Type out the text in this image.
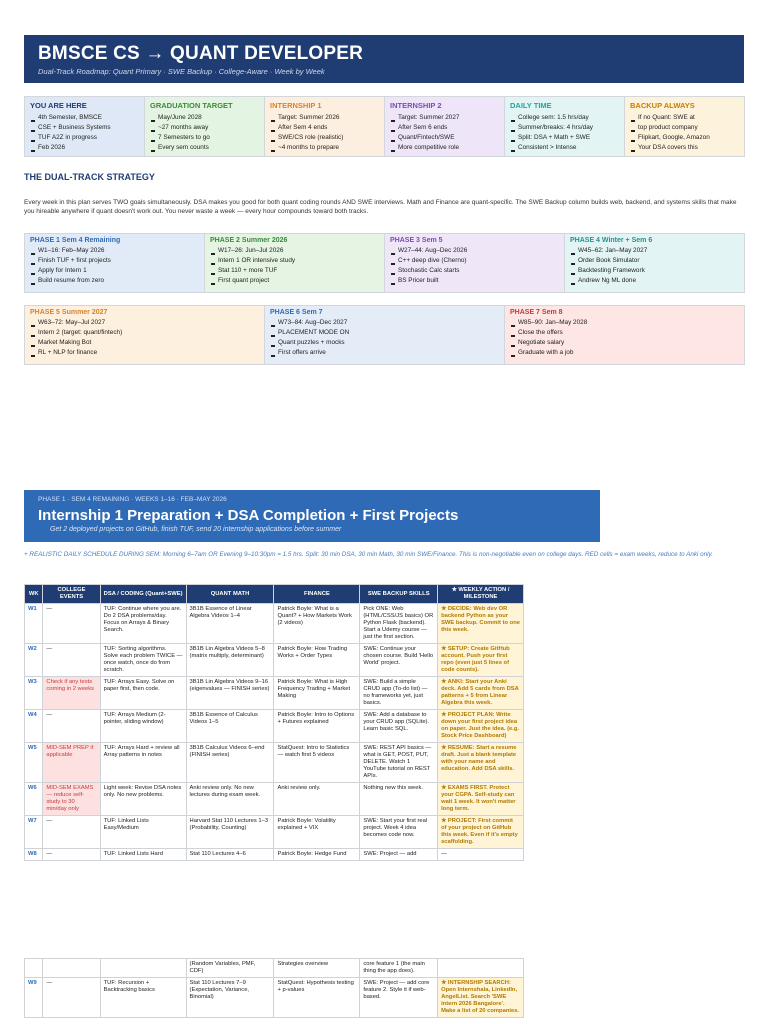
BMSCE CS → QUANT DEVELOPER
Dual-Track Roadmap: Quant Primary · SWE Backup · College-Aware · Week by Week
YOU ARE HERE
4th Semester, BMSCE
CSE + Business Systems
TUF A2Z in progress
Feb 2026
GRADUATION TARGET
May/June 2028
~27 months away
7 Semesters to go
Every sem counts
INTERNSHIP 1
Target: Summer 2026
After Sem 4 ends
SWE/CS role (realistic)
~4 months to prepare
INTERNSHIP 2
Target: Summer 2027
After Sem 6 ends
Quant/Fintech/SWE
More competitive role
DAILY TIME
College sem: 1.5 hrs/day
Summer/breaks: 4 hrs/day
Split: DSA + Math + SWE
Consistent > Intense
BACKUP ALWAYS
If no Quant: SWE at
top product company
Flipkart, Google, Amazon
Your DSA covers this
THE DUAL-TRACK STRATEGY
Every week in this plan serves TWO goals simultaneously. DSA makes you good for both quant coding rounds AND SWE interviews. Math and Finance are quant-specific. The SWE Backup column builds web, backend, and systems skills that make you hireable anywhere if quant doesn't work out. You never waste a week — every hour compounds toward both tracks.
PHASE 1 Sem 4 Remaining
W1–16: Feb–May 2026
Finish TUF + first projects
Apply for Intern 1
Build resume from zero
PHASE 2 Summer 2026
W17–26: Jun–Jul 2026
Intern 1 OR intensive study
Stat 110 + more TUF
First quant project
PHASE 3 Sem 5
W27–44: Aug–Dec 2026
C++ deep dive (Cherno)
Stochastic Calc starts
BS Pricer built
PHASE 4 Winter + Sem 6
W45–62: Jan–May 2027
Order Book Simulator
Backtesting Framework
Andrew Ng ML done
PHASE 5 Summer 2027
W63–72: May–Jul 2027
Intern 2 (target: quant/fintech)
Market Making Bot
RL + NLP for finance
PHASE 6 Sem 7
W73–84: Aug–Dec 2027
PLACEMENT MODE ON
Quant puzzles + mocks
First offers arrive
PHASE 7 Sem 8
W85–90: Jan–May 2028
Close the offers
Negotiate salary
Graduate with a job
PHASE 1 · SEM 4 REMAINING · WEEKS 1–16 · FEB–MAY 2026
Internship 1 Preparation + DSA Completion + First Projects
Get 2 deployed projects on GitHub, finish TUF, send 20 internship applications before summer
+ REALISTIC DAILY SCHEDULE DURING SEM: Morning 6–7am OR Evening 9–10:30pm = 1.5 hrs. Split: 30 min DSA, 30 min Math, 30 min SWE/Finance. This is non-negotiable even on college days. RED cells = exam weeks, reduce to Anki only.
WK	COLLEGE EVENTS	DSA / CODING (Quant+SWE)	QUANT MATH	FINANCE	SWE BACKUP SKILLS	★ WEEKLY ACTION / MILESTONE
W1	—	TUF: Continue where you are. Do 2 DSA problems/day. Focus on Arrays & Binary Search.	3B1B Essence of Linear Algebra Videos 1–4	Patrick Boyle: What is a Quant? + How Markets Work (2 videos)	Pick ONE: Web (HTML/CSS/JS basics) OR Python Flask (backend). Start a Udemy course — just the first section.	★ DECIDE: Web dev OR backend Python as your SWE backup. Commit to one this week.
W2	—	TUF: Sorting algorithms. Solve each problem TWICE — once watch, once do from scratch.	3B1B Lin Algebra Videos 5–8 (matrix multiply, determinant)	Patrick Boyle: How Trading Works + Order Types	SWE: Continue your chosen course. Build 'Hello World' project.	★ SETUP: Create GitHub account. Push your first repo (even just 5 lines of code counts).
W3	Check if any tests coming in 2 weeks	TUF: Arrays Easy. Solve on paper first, then code.	3B1B Lin Algebra Videos 9–16 (eigenvalues — FINISH series)	Patrick Boyle: What is High Frequency Trading + Market Making	SWE: Build a simple CRUD app (To-do list) — no frameworks yet, just basics.	★ ANKI: Start your Anki deck. Add 5 cards from DSA patterns + 5 from Linear Algebra this week.
W4	—	TUF: Arrays Medium (2-pointer, sliding window)	3B1B Essence of Calculus Videos 1–5	Patrick Boyle: Intro to Options + Futures explained	SWE: Add a database to your CRUD app (SQLite). Learn basic SQL.	★ PROJECT PLAN: Write down your first project idea on paper. Just the idea. (e.g. Stock Price Dashboard)
W5	MID-SEM PREP if applicable	TUF: Arrays Hard + review all Array patterns in notes	3B1B Calculus Videos 6–end (FINISH series)	StatQuest: Intro to Statistics — watch first 5 videos	SWE: REST API basics — what is GET, POST, PUT, DELETE. Watch 1 YouTube tutorial on REST APIs.	★ RESUME: Start a resume draft. Just a blank template with your name and education. Add DSA skills.
W6	MID-SEM EXAMS — reduce self-study to 30 min/day only	Light week: Revise DSA notes only. No new problems.	Anki review only. No new lectures during exam week.	Anki review only.	Nothing new this week.	★ EXAMS FIRST. Protect your CGPA. Self-study can wait 1 week. It won't matter long term.
W7	—	TUF: Linked Lists Easy/Medium	Harvard Stat 110 Lectures 1–3 (Probability, Counting)	Patrick Boyle: Volatility explained + VIX	SWE: Start your first real project. Week 4 idea becomes code now.	★ PROJECT: First commit of your project on GitHub this week. Even if it's empty scaffolding.
W8	—	TUF: Linked Lists Hard	Stat 110 Lectures 4–6	Patrick Boyle: Hedge Fund	SWE: Project — add	—
			(Random Variables, PMF, CDF)	Strategies overview	core feature 1 (the main thing the app does).	
W9	—	TUF: Recursion + Backtracking basics	Stat 110 Lectures 7–9 (Expectation, Variance, Binomial)	StatQuest: Hypothesis testing + p-values	SWE: Project — add core feature 2. Style it if web-based.	★ INTERNSHIP SEARCH: Open Internshala, LinkedIn, AngelList. Search 'SWE intern 2026 Bangalore'. Make a list of 20 companies.
